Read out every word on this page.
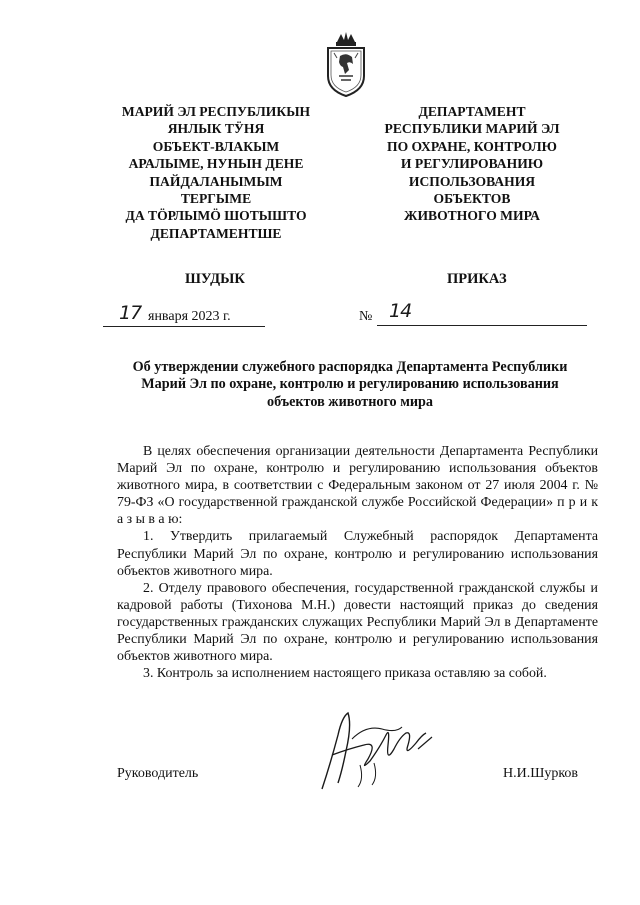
МАРИЙ ЭЛ РЕСПУБЛИКЫН
ЯНЛЫК ТӰНЯ
ОБЪЕКТ-ВЛАКЫМ
АРАЛЫМЕ, НУНЫН ДЕНЕ
ПАЙДАЛАНЫМЫМ
ТЕРГЫМЕ
ДА ТӦРЛЫМӦ ШОТЫШТО
ДЕПАРТАМЕНТШЕ
ДЕПАРТАМЕНТ
РЕСПУБЛИКИ МАРИЙ ЭЛ
ПО ОХРАНЕ, КОНТРОЛЮ
И РЕГУЛИРОВАНИЮ
ИСПОЛЬЗОВАНИЯ
ОБЪЕКТОВ
ЖИВОТНОГО МИРА
ШУДЫК	ПРИКАЗ
17 января 2023 г.	№ 14
Об утверждении служебного распорядка Департамента Республики
Марий Эл по охране, контролю и регулированию использования
объектов животного мира

В целях обеспечения организации деятельности Департамента Республики Марий Эл по охране, контролю и регулированию использования объектов животного мира, в соответствии с Федеральным законом от 27 июля 2004 г. № 79-ФЗ «О государственной гражданской службе Российской Федерации» п р и к а з ы в а ю:

1. Утвердить прилагаемый Служебный распорядок Департамента Республики Марий Эл по охране, контролю и регулированию использования объектов животного мира.

2. Отделу правового обеспечения, государственной гражданской службы и кадровой работы (Тихонова М.Н.) довести настоящий приказ до сведения государственных гражданских служащих Республики Марий Эл в Департаменте Республики Марий Эл по охране, контролю и регулированию использования объектов животного мира.

3. Контроль за исполнением настоящего приказа оставляю за собой.

Руководитель	Н.И.Шурков
